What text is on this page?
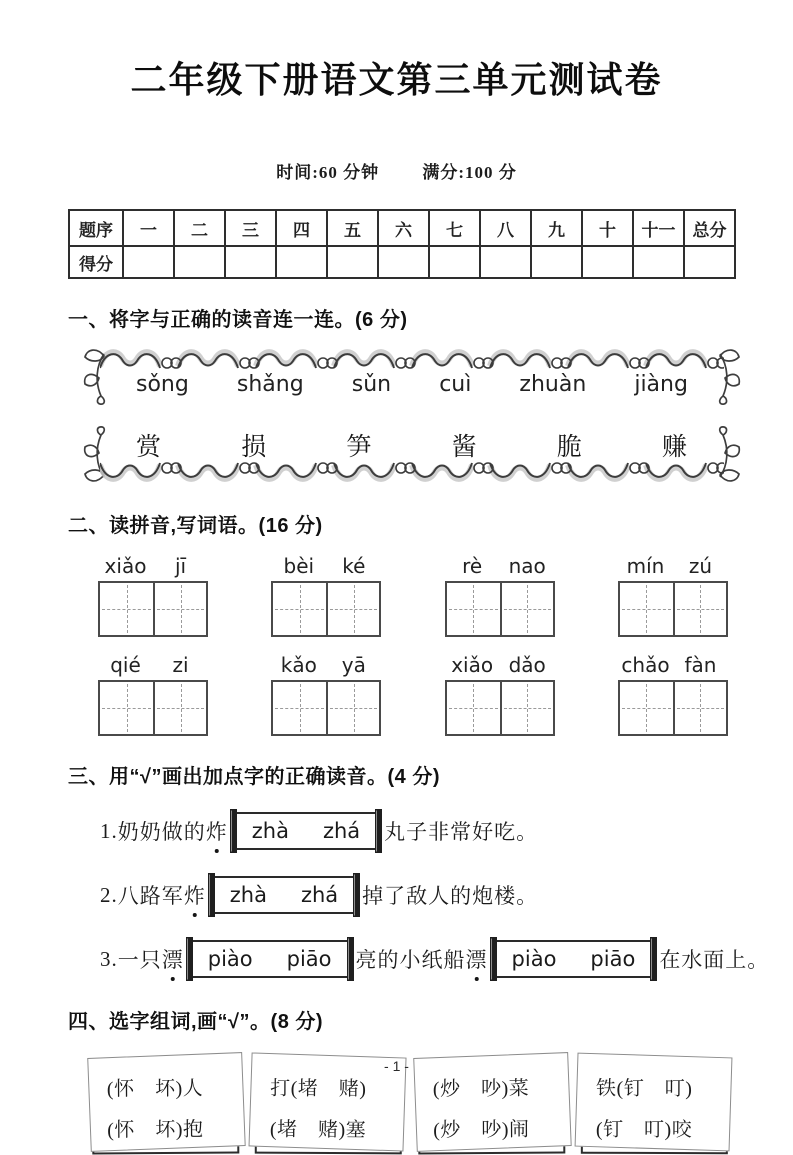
二年级下册语文第三单元测试卷
时间:60 分钟	满分:100 分
题序	一	二	三	四	五	六	七	八	九	十	十一	总分
得分												
一、将字与正确的读音连一连。(6 分)
sǒng shǎng sǔn cuì zhuàn jiàng
赏	损	笋	酱	脆	赚
二、读拼音,写词语。(16 分)
xiǎo	jī	bèi	ké	rè	nao	mín	zú
qié	zi	kǎo	yā	xiǎo dǎo	chǎo fàn
三、用“√”画出加点字的正确读音。(4 分)
1. 奶奶做的 炸 zhà zhá 丸子非常好吃。
2. 八路军 炸 zhà zhá 掉了敌人的炮楼。
3. 一只 漂 piào piāo 亮的小纸船 漂 piào piāo 在水面上。
四、选字组词,画“√”。(8 分)
(怀　坏)人
(怀　坏)抱
打(堵　赌)
(堵　赌)塞
(炒　吵)菜
(炒　吵)闹
铁(钉　叮)
(钉　叮)咬
- 1 -
